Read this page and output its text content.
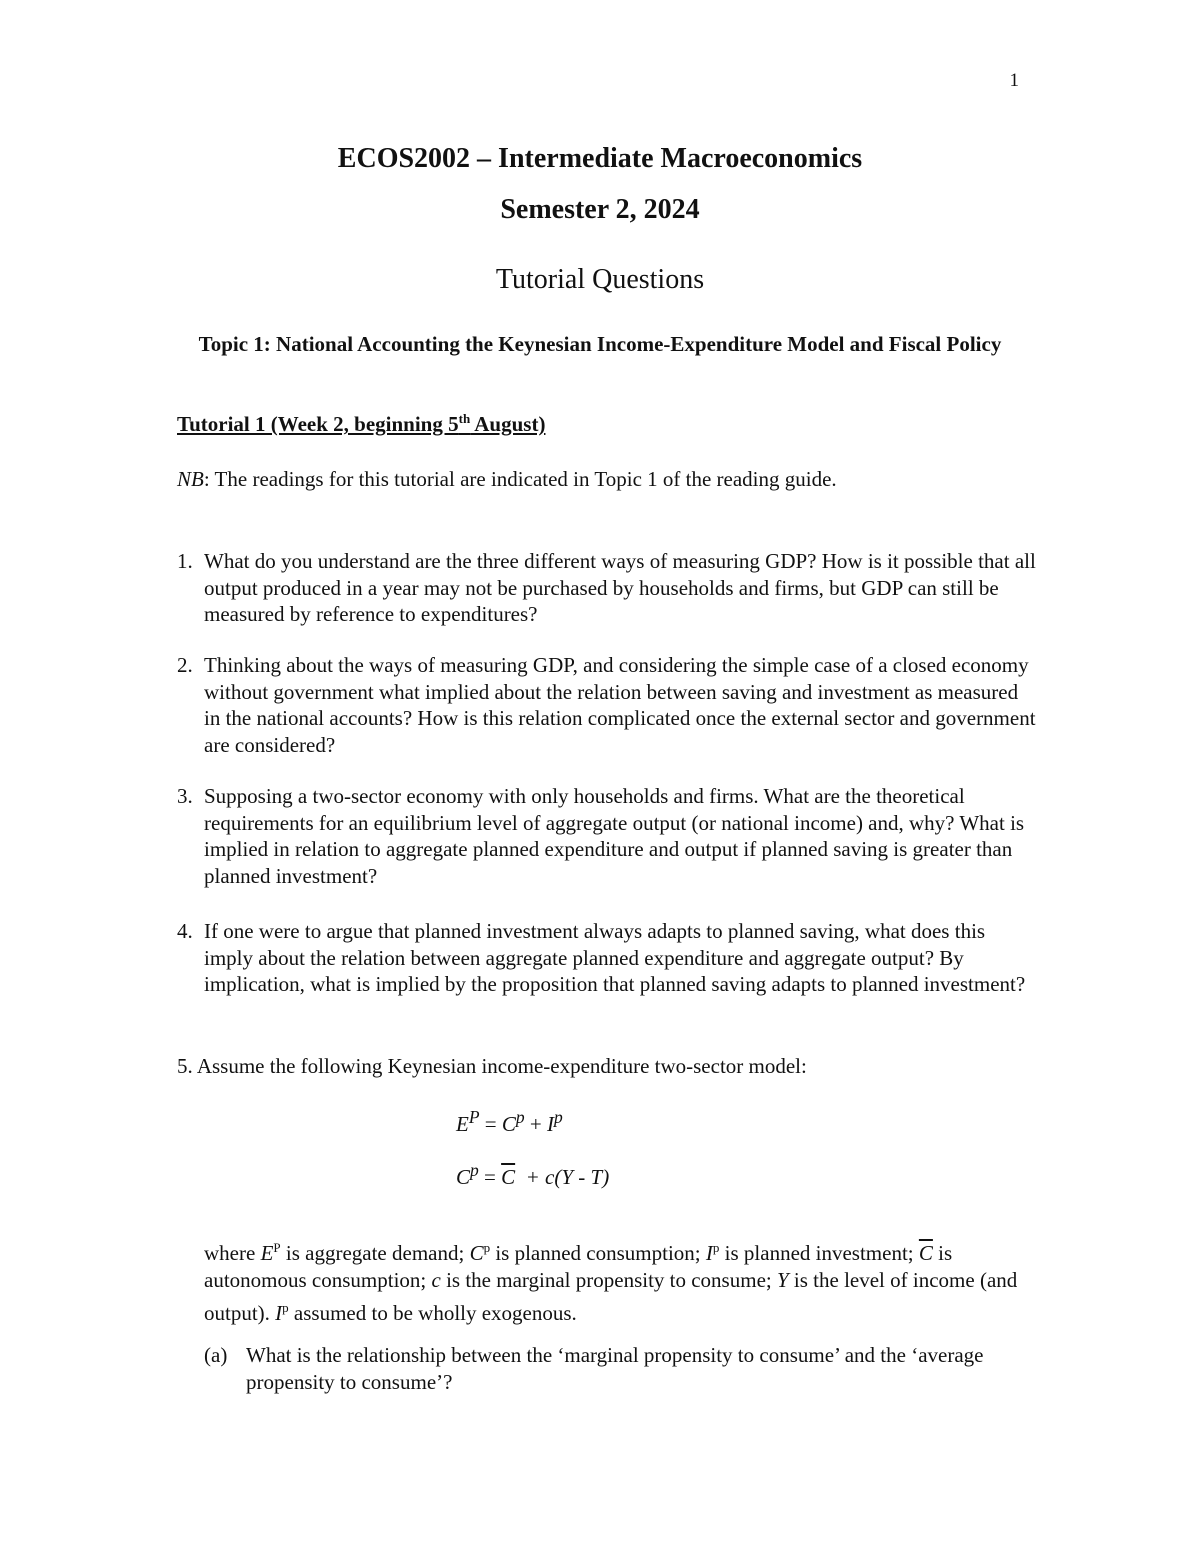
1
ECOS2002 – Intermediate Macroeconomics
Semester 2, 2024
Tutorial Questions
Topic 1: National Accounting the Keynesian Income-Expenditure Model and Fiscal Policy
Tutorial 1 (Week 2, beginning 5th August)
NB: The readings for this tutorial are indicated in Topic 1 of the reading guide.
1. What do you understand are the three different ways of measuring GDP? How is it possible that all output produced in a year may not be purchased by households and firms, but GDP can still be measured by reference to expenditures?
2. Thinking about the ways of measuring GDP, and considering the simple case of a closed economy without government what implied about the relation between saving and investment as measured in the national accounts? How is this relation complicated once the external sector and government are considered?
3. Supposing a two-sector economy with only households and firms. What are the theoretical requirements for an equilibrium level of aggregate output (or national income) and, why? What is implied in relation to aggregate planned expenditure and output if planned saving is greater than planned investment?
4. If one were to argue that planned investment always adapts to planned saving, what does this imply about the relation between aggregate planned expenditure and aggregate output? By implication, what is implied by the proposition that planned saving adapts to planned investment?
5. Assume the following Keynesian income-expenditure two-sector model:
$E^P = C^p + I^p$
$C^p = \overline{C} + c(Y - T)$
where $E^P$ is aggregate demand; $C^p$ is planned consumption; $I^p$ is planned investment; $\overline{C}$ is autonomous consumption; c is the marginal propensity to consume; Y is the level of income (and output). $I^p$ assumed to be wholly exogenous.
(a) What is the relationship between the ‘marginal propensity to consume’ and the ‘average propensity to consume’?
